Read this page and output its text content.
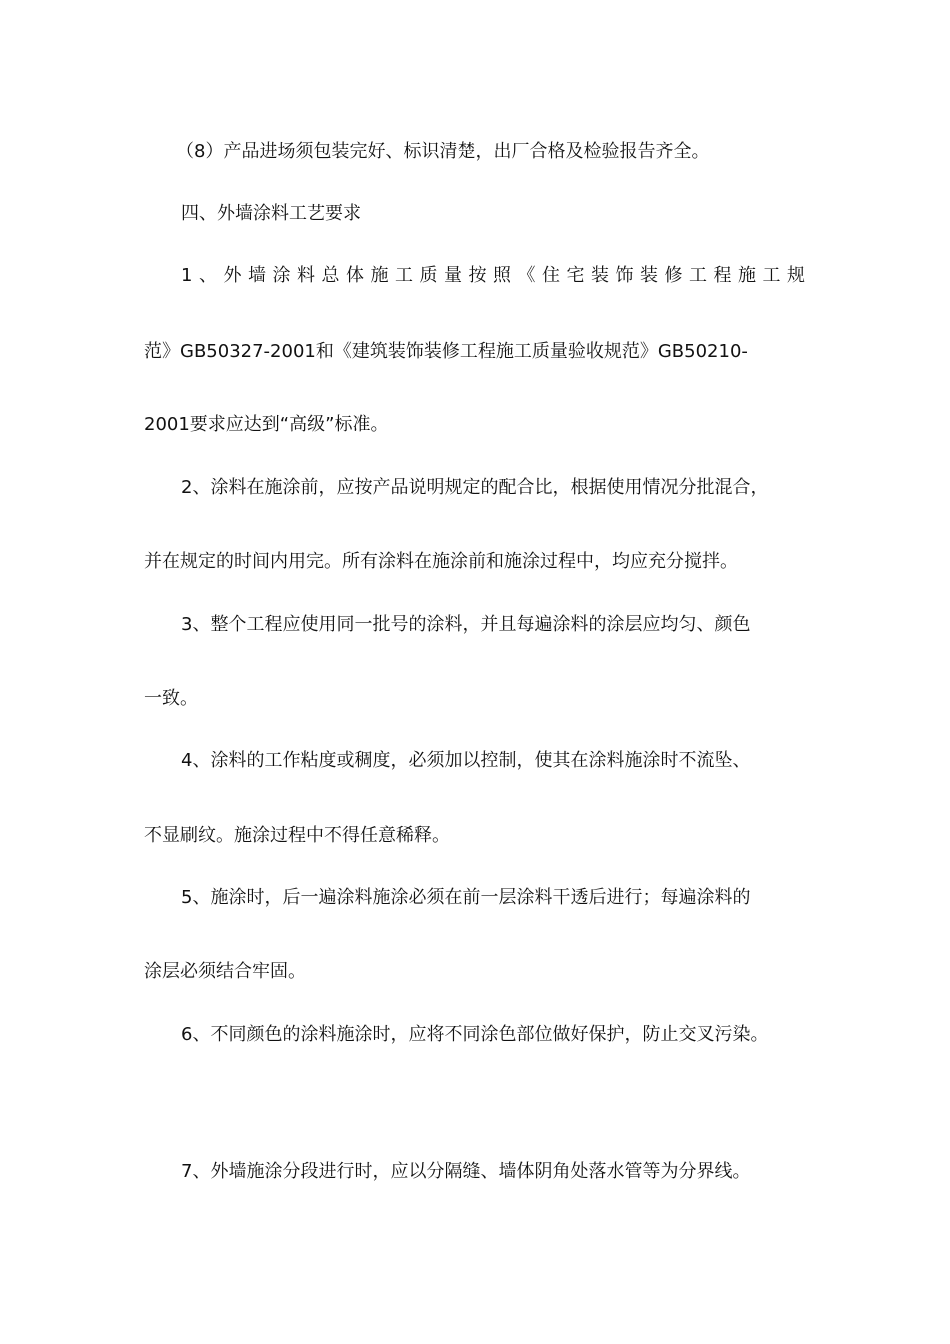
（8）产品进场须包装完好、标识清楚，出厂合格及检验报告齐全。
四、外墙涂料工艺要求
1、外墙涂料总体施工质量按照《住宅装饰装修工程施工规
范》GB50327-2001和《建筑装饰装修工程施工质量验收规范》GB50210-
2001要求应达到“高级”标准。
2、涂料在施涂前，应按产品说明规定的配合比，根据使用情况分批混合，
并在规定的时间内用完。所有涂料在施涂前和施涂过程中，均应充分搅拌。
3、整个工程应使用同一批号的涂料，并且每遍涂料的涂层应均匀、颜色
一致。
4、涂料的工作粘度或稠度，必须加以控制，使其在涂料施涂时不流坠、
不显刷纹。施涂过程中不得任意稀释。
5、施涂时，后一遍涂料施涂必须在前一层涂料干透后进行；每遍涂料的
涂层必须结合牢固。
6、不同颜色的涂料施涂时，应将不同涂色部位做好保护，防止交叉污染。
7、外墙施涂分段进行时，应以分隔缝、墙体阴角处落水管等为分界线。
